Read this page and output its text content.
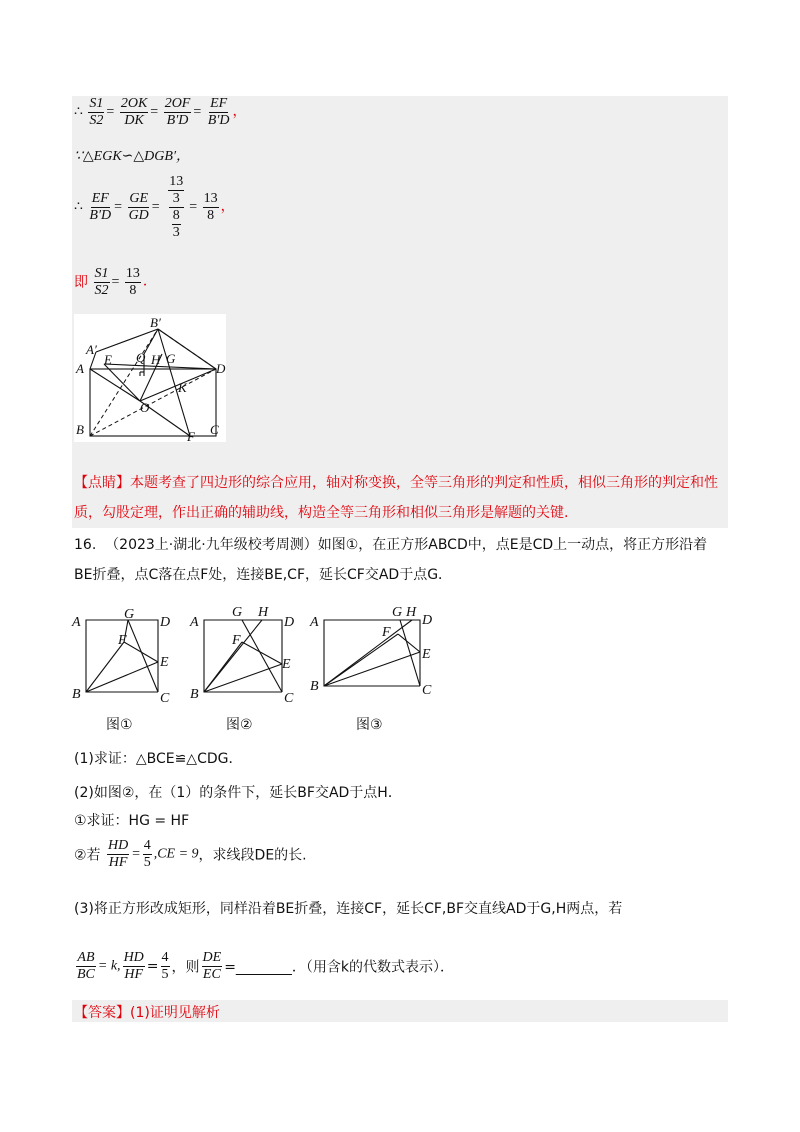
∴ $\frac{S1}{S2} = \frac{2OK}{DK} = \frac{2OF}{B'D} = \frac{EF}{B'D}$ ，
∵△EGK∽△DGB′，
∴ $\frac{EF}{B'D} = \frac{GE}{GD} = \frac{\frac{13}{3}}{\frac{8}{3}} = \frac{13}{8}$ ，
即 $\frac{S1}{S2} = \frac{13}{8}$ ．
B′
A′
E Q H G
A	D
K
O
B	F C
【点睛】本题考查了四边形的综合应用，轴对称变换，全等三角形的判定和性质，相似三角形的判定和性
质，勾股定理，作出正确的辅助线，构造全等三角形和相似三角形是解题的关键.
16. （2023上·湖北·九年级校考周测）如图①，在正方形ABCD中，点E是CD上一动点，将正方形沿着
BE折叠，点C落在点F处，连接BE,CF，延长CF交AD于点G．
图①	图②	图③
A
G
D
F
E
B	C
A
G H
D
F
E
B	C
A
G H
D
F
E
B	C
(1)求证：△BCE≌△CDG．
(2)如图②，在（1）的条件下，延长BF交AD于点H．
①求证：HG = HF
②若 $\frac{HD}{HF} = \frac{4}{5} ,CE = 9$，求线段DE的长.
(3)将正方形改成矩形，同样沿着BE折叠，连接CF，延长CF,BF交直线AD于G,H两点，若
$\frac{AB}{BC} = k$, $\frac{HD}{HF} = \frac{4}{5}$ ，则 $\frac{DE}{EC}$ =________．（用含k的代数式表示）．
【答案】(1)证明见解析
